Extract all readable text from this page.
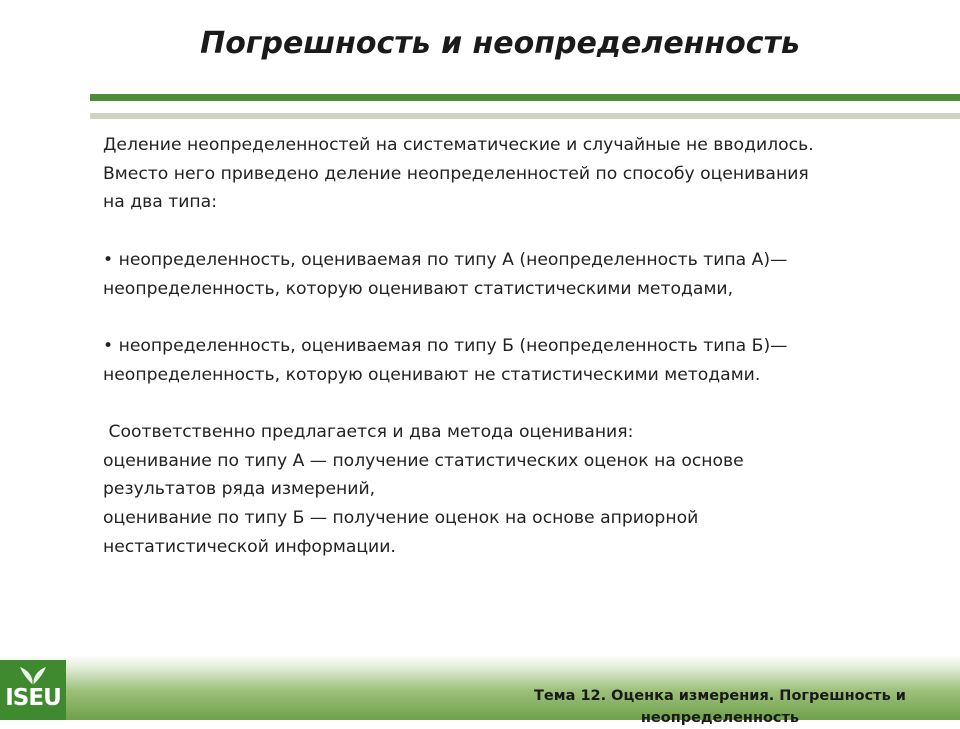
Погрешность и неопределенность

Деление неопределенностей на систематические и случайные не вводилось.

Вместо него приведено деление неопределенностей по способу оценивания

на два типа:

• неопределенность, оцениваемая по типу А (неопределенность типа А)—

неопределенность, которую оценивают статистическими методами,

• неопределенность, оцениваемая по типу Б (неопределенность типа Б)—

неопределенность, которую оценивают не статистическими методами.

Соответственно предлагается и два метода оценивания:

оценивание по типу А — получение статистических оценок на основе

результатов ряда измерений,

оценивание по типу Б — получение оценок на основе априорной

нестатистической информации.

ISEU	Тема 12. Оценка измерения. Погрешность и
неопределенность
